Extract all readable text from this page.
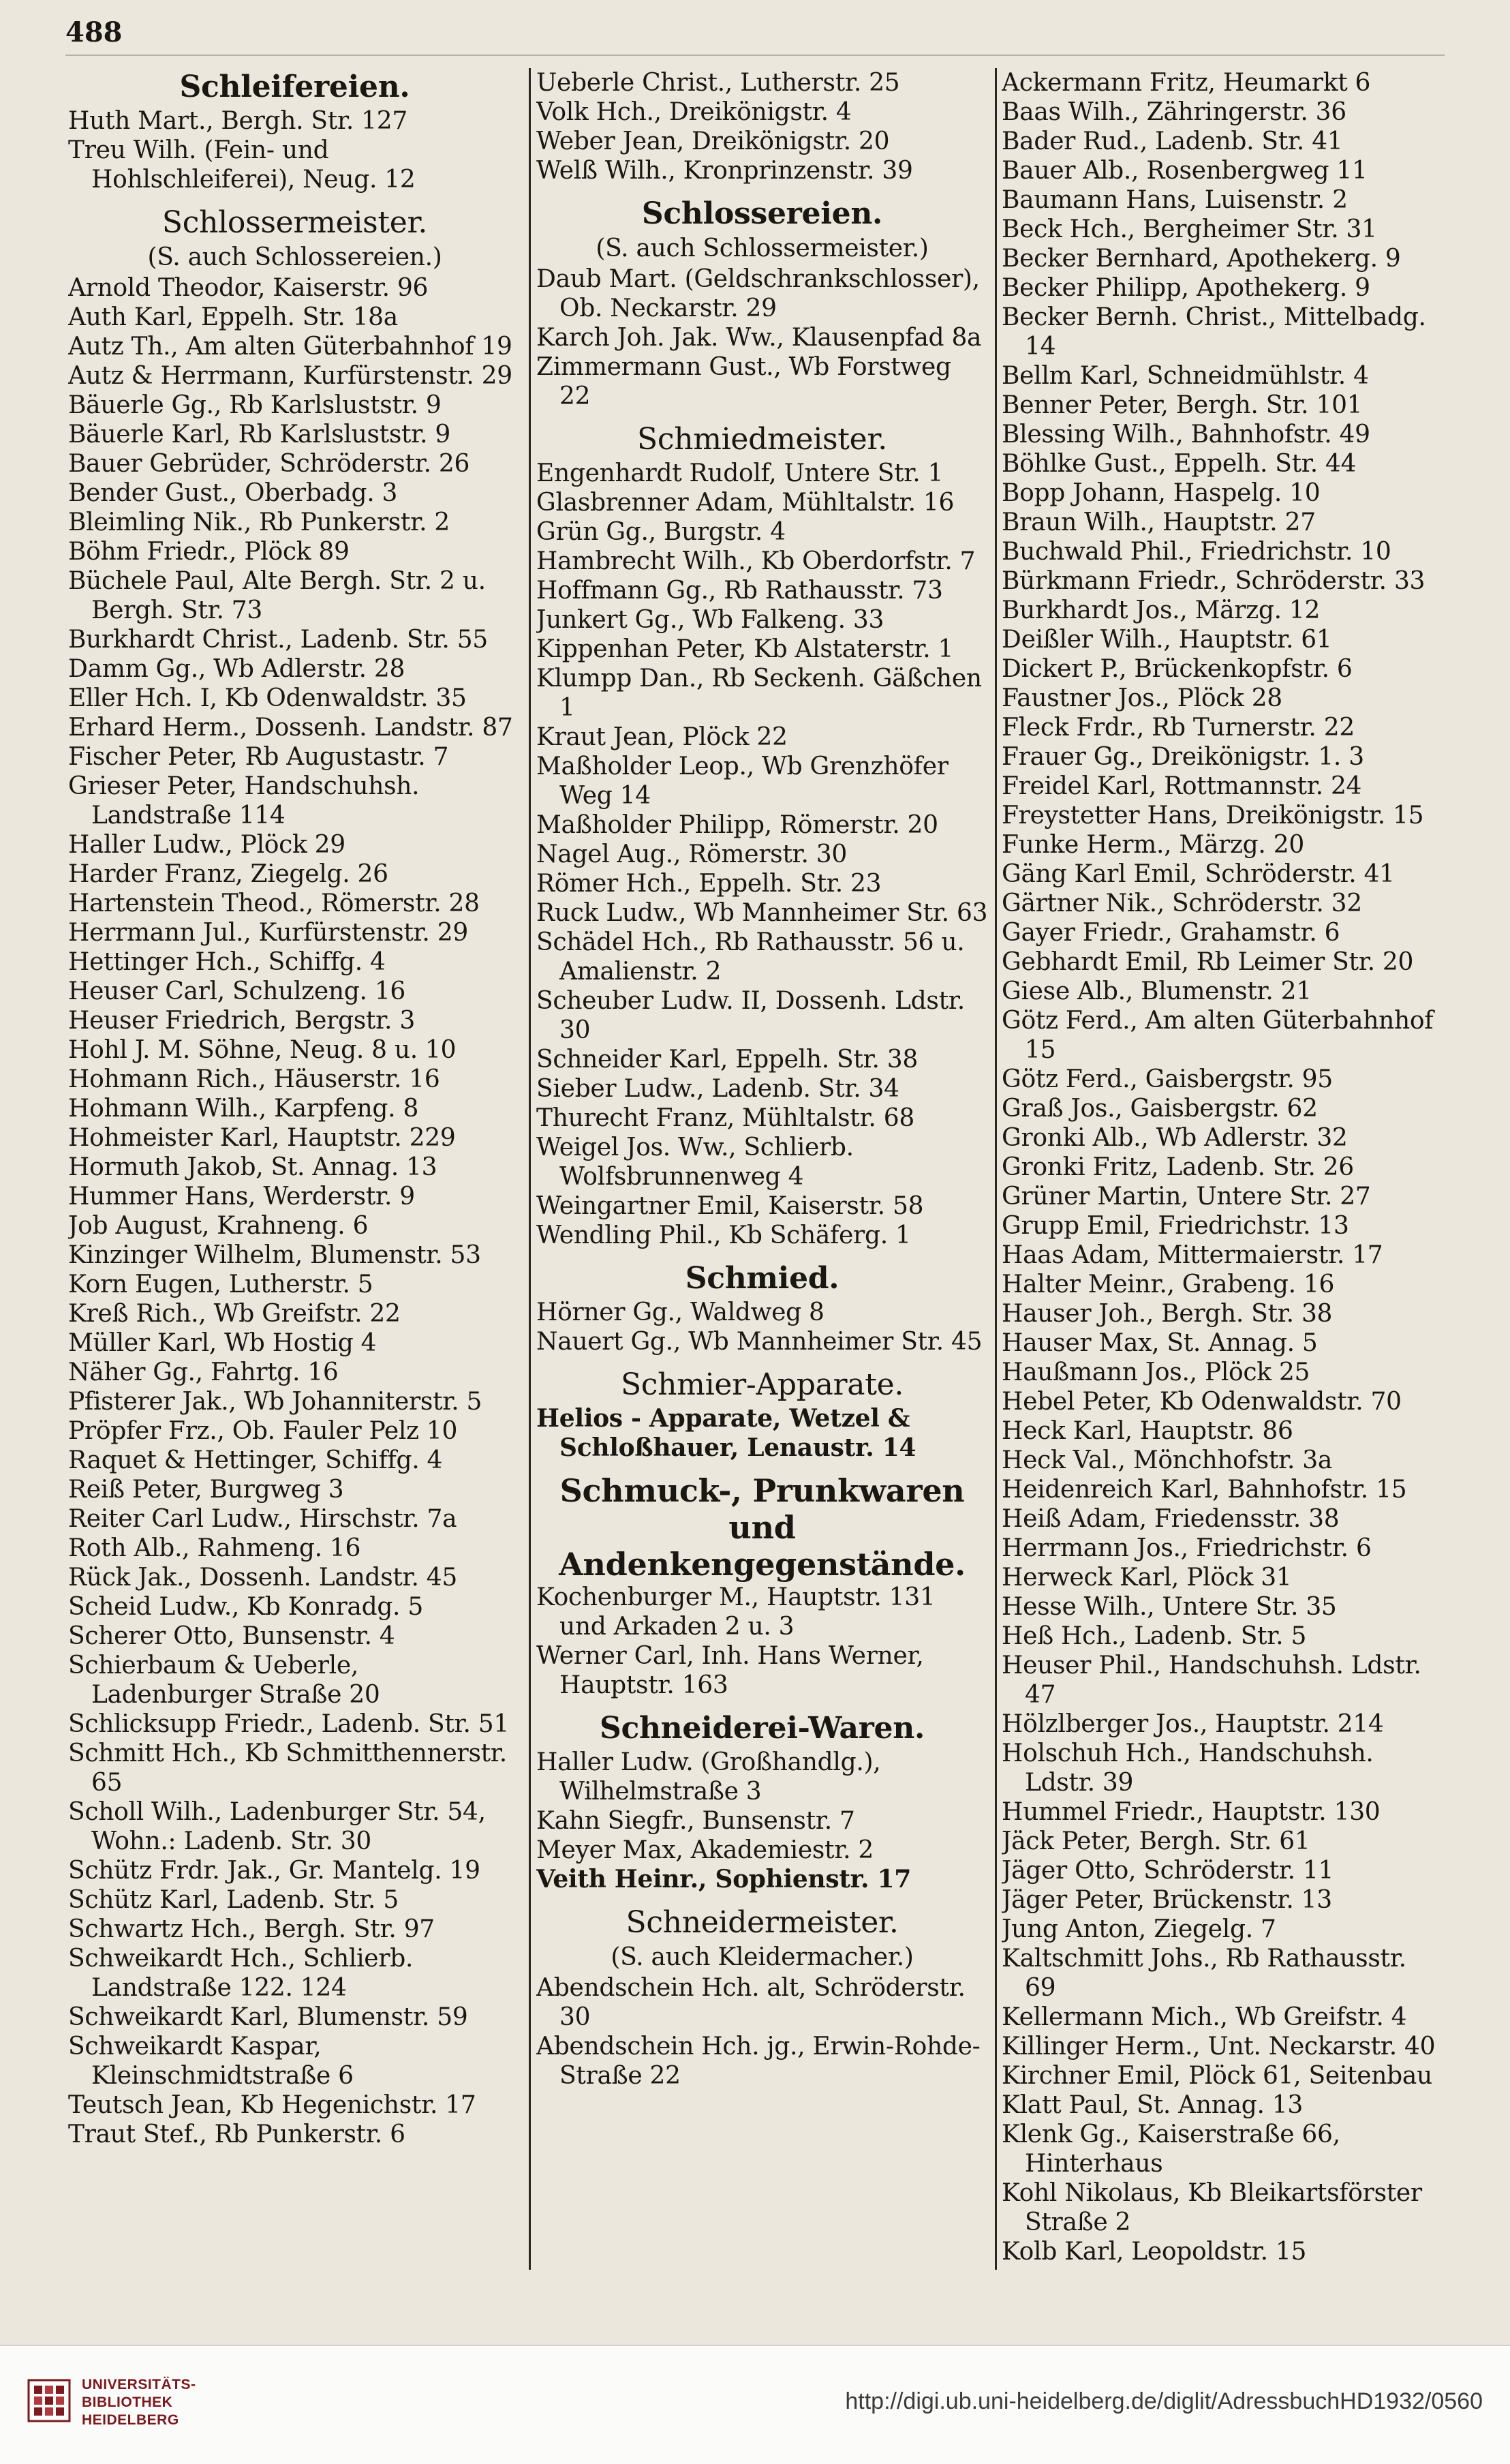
488

Schleifereien.

Huth Mart., Bergh. Str. 127

Treu Wilh. (Fein- und Hohlschleiferei), Neug. 12

Schlossermeister.

(S. auch Schlossereien.)

Arnold Theodor, Kaiserstr. 96

Auth Karl, Eppelh. Str. 18a

Autz Th., Am alten Güterbahnhof 19

Autz & Herrmann, Kurfürstenstr. 29

Bäuerle Gg., Rb Karlsluststr. 9

Bäuerle Karl, Rb Karlsluststr. 9

Bauer Gebrüder, Schröderstr. 26

Bender Gust., Oberbadg. 3

Bleimling Nik., Rb Punkerstr. 2

Böhm Friedr., Plöck 89

Büchele Paul, Alte Bergh. Str. 2 u. Bergh. Str. 73

Burkhardt Christ., Ladenb. Str. 55

Damm Gg., Wb Adlerstr. 28

Eller Hch. I, Kb Odenwaldstr. 35

Erhard Herm., Dossenh. Landstr. 87

Fischer Peter, Rb Augustastr. 7

Grieser Peter, Handschuhsh. Landstraße 114

Haller Ludw., Plöck 29

Harder Franz, Ziegelg. 26

Hartenstein Theod., Römerstr. 28

Herrmann Jul., Kurfürstenstr. 29

Hettinger Hch., Schiffg. 4

Heuser Carl, Schulzeng. 16

Heuser Friedrich, Bergstr. 3

Hohl J. M. Söhne, Neug. 8 u. 10

Hohmann Rich., Häuserstr. 16

Hohmann Wilh., Karpfeng. 8

Hohmeister Karl, Hauptstr. 229

Hormuth Jakob, St. Annag. 13

Hummer Hans, Werderstr. 9

Job August, Krahneng. 6

Kinzinger Wilhelm, Blumenstr. 53

Korn Eugen, Lutherstr. 5

Kreß Rich., Wb Greifstr. 22

Müller Karl, Wb Hostig 4

Näher Gg., Fahrtg. 16

Pfisterer Jak., Wb Johanniterstr. 5

Pröpfer Frz., Ob. Fauler Pelz 10

Raquet & Hettinger, Schiffg. 4

Reiß Peter, Burgweg 3

Reiter Carl Ludw., Hirschstr. 7a

Roth Alb., Rahmeng. 16

Rück Jak., Dossenh. Landstr. 45

Scheid Ludw., Kb Konradg. 5

Scherer Otto, Bunsenstr. 4

Schierbaum & Ueberle, Ladenburger Straße 20

Schlicksupp Friedr., Ladenb. Str. 51

Schmitt Hch., Kb Schmitthennerstr. 65

Scholl Wilh., Ladenburger Str. 54, Wohn.: Ladenb. Str. 30

Schütz Frdr. Jak., Gr. Mantelg. 19

Schütz Karl, Ladenb. Str. 5

Schwartz Hch., Bergh. Str. 97

Schweikardt Hch., Schlierb. Landstraße 122. 124

Schweikardt Karl, Blumenstr. 59

Schweikardt Kaspar, Kleinschmidtstraße 6

Teutsch Jean, Kb Hegenichstr. 17

Traut Stef., Rb Punkerstr. 6

Ueberle Christ., Lutherstr. 25

Volk Hch., Dreikönigstr. 4

Weber Jean, Dreikönigstr. 20

Welß Wilh., Kronprinzenstr. 39

Schlossereien.

(S. auch Schlossermeister.)

Daub Mart. (Geldschrankschlosser), Ob. Neckarstr. 29

Karch Joh. Jak. Ww., Klausenpfad 8a

Zimmermann Gust., Wb Forstweg 22

Schmiedmeister.

Engenhardt Rudolf, Untere Str. 1

Glasbrenner Adam, Mühltalstr. 16

Grün Gg., Burgstr. 4

Hambrecht Wilh., Kb Oberdorfstr. 7

Hoffmann Gg., Rb Rathausstr. 73

Junkert Gg., Wb Falkeng. 33

Kippenhan Peter, Kb Alstaterstr. 1

Klumpp Dan., Rb Seckenh. Gäßchen 1

Kraut Jean, Plöck 22

Maßholder Leop., Wb Grenzhöfer Weg 14

Maßholder Philipp, Römerstr. 20

Nagel Aug., Römerstr. 30

Römer Hch., Eppelh. Str. 23

Ruck Ludw., Wb Mannheimer Str. 63

Schädel Hch., Rb Rathausstr. 56 u. Amalienstr. 2

Scheuber Ludw. II, Dossenh. Ldstr. 30

Schneider Karl, Eppelh. Str. 38

Sieber Ludw., Ladenb. Str. 34

Thurecht Franz, Mühltalstr. 68

Weigel Jos. Ww., Schlierb. Wolfsbrunnenweg 4

Weingartner Emil, Kaiserstr. 58

Wendling Phil., Kb Schäferg. 1

Schmied.

Hörner Gg., Waldweg 8

Nauert Gg., Wb Mannheimer Str. 45

Schmier-Apparate.

Helios - Apparate, Wetzel & Schloßhauer, Lenaustr. 14

Schmuck-, Prunkwaren und Andenkengegenstände.

Kochenburger M., Hauptstr. 131 und Arkaden 2 u. 3

Werner Carl, Inh. Hans Werner, Hauptstr. 163

Schneiderei-Waren.

Haller Ludw. (Großhandlg.), Wilhelmstraße 3

Kahn Siegfr., Bunsenstr. 7

Meyer Max, Akademiestr. 2

Veith Heinr., Sophienstr. 17

Schneidermeister.

(S. auch Kleidermacher.)

Abendschein Hch. alt, Schröderstr. 30

Abendschein Hch. jg., Erwin-Rohde-Straße 22

Ackermann Fritz, Heumarkt 6

Baas Wilh., Zähringerstr. 36

Bader Rud., Ladenb. Str. 41

Bauer Alb., Rosenbergweg 11

Baumann Hans, Luisenstr. 2

Beck Hch., Bergheimer Str. 31

Becker Bernhard, Apothekerg. 9

Becker Philipp, Apothekerg. 9

Becker Bernh. Christ., Mittelbadg. 14

Bellm Karl, Schneidmühlstr. 4

Benner Peter, Bergh. Str. 101

Blessing Wilh., Bahnhofstr. 49

Böhlke Gust., Eppelh. Str. 44

Bopp Johann, Haspelg. 10

Braun Wilh., Hauptstr. 27

Buchwald Phil., Friedrichstr. 10

Bürkmann Friedr., Schröderstr. 33

Burkhardt Jos., Märzg. 12

Deißler Wilh., Hauptstr. 61

Dickert P., Brückenkopfstr. 6

Faustner Jos., Plöck 28

Fleck Frdr., Rb Turnerstr. 22

Frauer Gg., Dreikönigstr. 1. 3

Freidel Karl, Rottmannstr. 24

Freystetter Hans, Dreikönigstr. 15

Funke Herm., Märzg. 20

Gäng Karl Emil, Schröderstr. 41

Gärtner Nik., Schröderstr. 32

Gayer Friedr., Grahamstr. 6

Gebhardt Emil, Rb Leimer Str. 20

Giese Alb., Blumenstr. 21

Götz Ferd., Am alten Güterbahnhof 15

Götz Ferd., Gaisbergstr. 95

Graß Jos., Gaisbergstr. 62

Gronki Alb., Wb Adlerstr. 32

Gronki Fritz, Ladenb. Str. 26

Grüner Martin, Untere Str. 27

Grupp Emil, Friedrichstr. 13

Haas Adam, Mittermaierstr. 17

Halter Meinr., Grabeng. 16

Hauser Joh., Bergh. Str. 38

Hauser Max, St. Annag. 5

Haußmann Jos., Plöck 25

Hebel Peter, Kb Odenwaldstr. 70

Heck Karl, Hauptstr. 86

Heck Val., Mönchhofstr. 3a

Heidenreich Karl, Bahnhofstr. 15

Heiß Adam, Friedensstr. 38

Herrmann Jos., Friedrichstr. 6

Herweck Karl, Plöck 31

Hesse Wilh., Untere Str. 35

Heß Hch., Ladenb. Str. 5

Heuser Phil., Handschuhsh. Ldstr. 47

Hölzlberger Jos., Hauptstr. 214

Holschuh Hch., Handschuhsh. Ldstr. 39

Hummel Friedr., Hauptstr. 130

Jäck Peter, Bergh. Str. 61

Jäger Otto, Schröderstr. 11

Jäger Peter, Brückenstr. 13

Jung Anton, Ziegelg. 7

Kaltschmitt Johs., Rb Rathausstr. 69

Kellermann Mich., Wb Greifstr. 4

Killinger Herm., Unt. Neckarstr. 40

Kirchner Emil, Plöck 61, Seitenbau

Klatt Paul, St. Annag. 13

Klenk Gg., Kaiserstraße 66, Hinterhaus

Kohl Nikolaus, Kb Bleikartsförster Straße 2

Kolb Karl, Leopoldstr. 15

UNIVERSITÄTS-
BIBLIOTHEK
HEIDELBERG
http://digi.ub.uni-heidelberg.de/diglit/AdressbuchHD1932/0560
